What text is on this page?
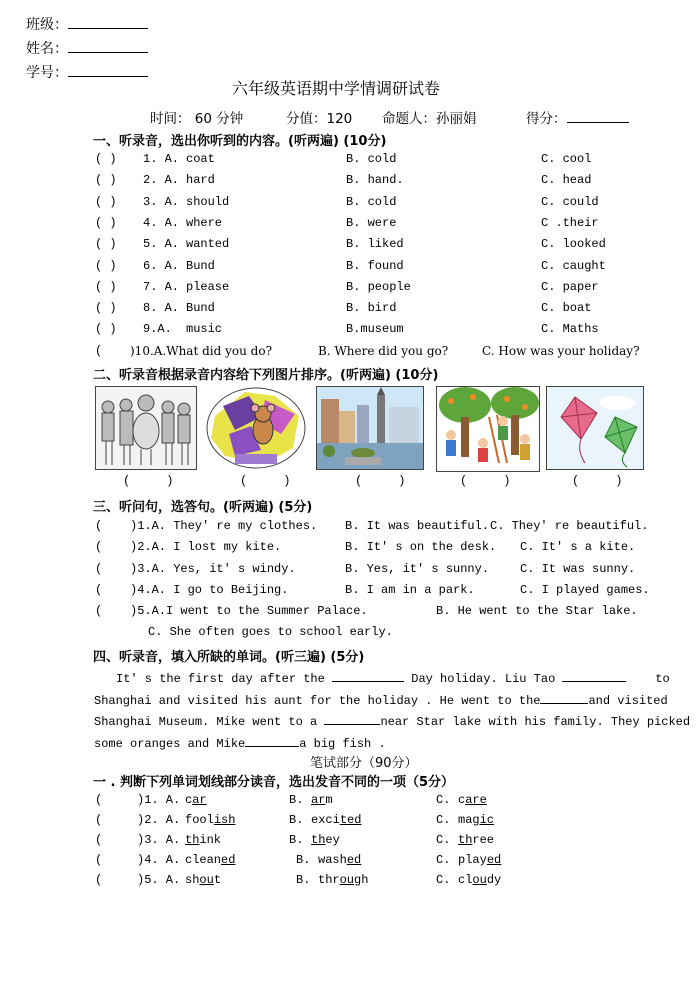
班级：
姓名：
学号：
六年级英语期中学情调研试卷
时间： 60 分钟	分值：120 命题人：孙丽娟	得分：
一、听录音，选出你听到的内容。(听两遍) (10分)
( ) 1. A. coat	B. cold	C. cool
( ) 2. A. hard	B. hand.	C. head
( ) 3. A. should	B. cold	C. could
( ) 4. A. where	B. were	C .their
( ) 5. A. wanted	B. liked	C. looked
( ) 6. A. Bund	B. found	C. caught
( ) 7. A. please	B. people	C. paper
( ) 8. A. Bund	B. bird	C. boat
( ) 9.A. music	B.museum	C. Maths
( )10.A.What did you do?	B. Where did you go?	C. How was your holiday?
二、听录音根据录音内容给下列图片排序。(听两遍) (10分)
(     )	(     )	(     )	(     )	(     )
三、听问句，选答句。(听两遍) (5分)
( )1.A. They' re my clothes. B. It was beautiful. C. They' re beautiful.
( )2.A. I lost my kite.	B. It' s on the desk. C. It' s a kite.
( )3.A. Yes, it' s windy.	B. Yes, it' s sunny.	C. It was sunny.
( )4.A. I go to Beijing.	B. I am in a park.	C. I played games.
( )5.A.I went to the Summer Palace.	B. He went to the Star lake.
C. She often goes to school early.
四、听录音，填入所缺的单词。(听三遍) (5分)
It' s the first day after the	Day holiday. Liu Tao	to
Shanghai and visited his aunt for the holiday . He went to the	and visited
Shanghai Museum. Mike went to a	near Star lake with his family. They picked
some oranges and Mike	a big fish .
笔试部分（90分）
一 . 判断下列单词划线部分读音，选出发音不同的一项（5分）
(	)1. A.	B.	C.
car	arm	care
(	)2. A.	B.	C.
foolish	excited	magic
(	)3. A.	B.	C.
think	they	three
(	)4. A.	B.	C.
cleaned	washed	played
(	)5. A.	B.	C.
shout	through	cloudy
